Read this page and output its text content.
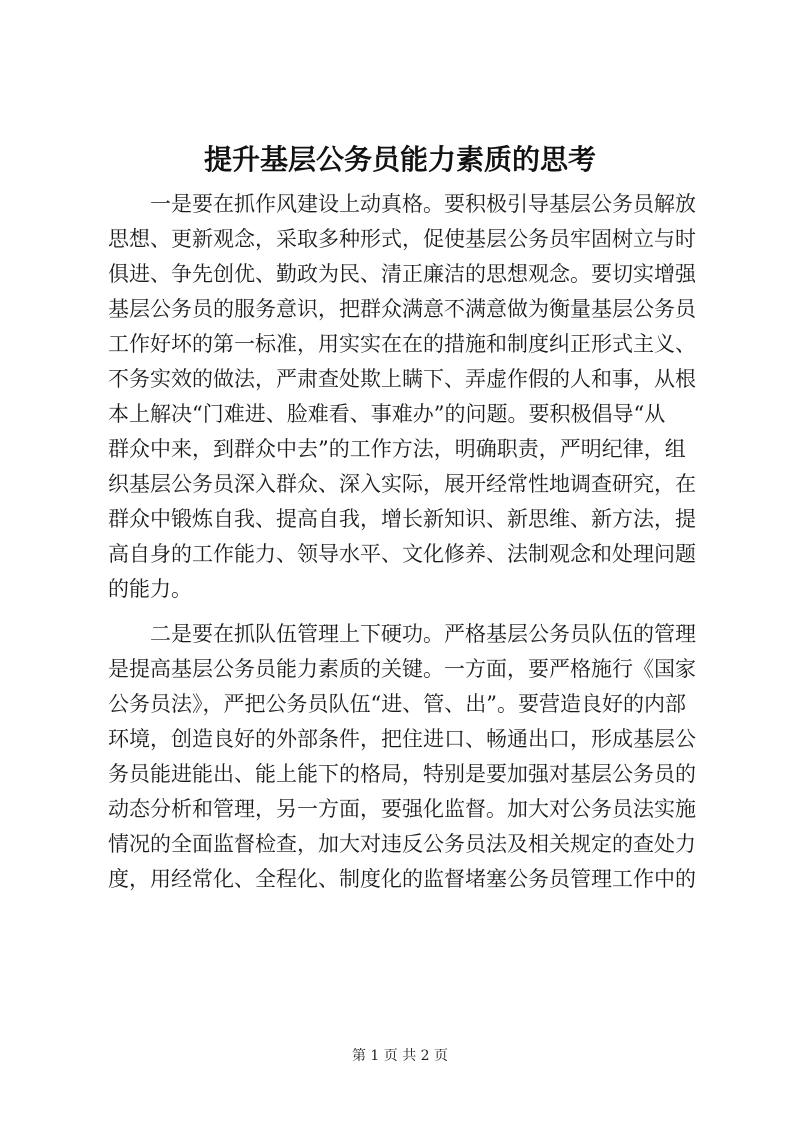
提升基层公务员能力素质的思考
一是要在抓作风建设上动真格。要积极引导基层公务员解放
思想、更新观念，采取多种形式，促使基层公务员牢固树立与时
俱进、争先创优、勤政为民、清正廉洁的思想观念。要切实增强
基层公务员的服务意识，把群众满意不满意做为衡量基层公务员
工作好坏的第一标准，用实实在在的措施和制度纠正形式主义、
不务实效的做法，严肃查处欺上瞒下、弄虚作假的人和事，从根
本上解决“门难进、脸难看、事难办”的问题。要积极倡导“从
群众中来，到群众中去”的工作方法，明确职责，严明纪律，组
织基层公务员深入群众、深入实际，展开经常性地调查研究，在
群众中锻炼自我、提高自我，增长新知识、新思维、新方法，提
高自身的工作能力、领导水平、文化修养、法制观念和处理问题
的能力。
二是要在抓队伍管理上下硬功。严格基层公务员队伍的管理
是提高基层公务员能力素质的关键。一方面，要严格施行《国家
公务员法》，严把公务员队伍“进、管、出”。要营造良好的内部
环境，创造良好的外部条件，把住进口、畅通出口，形成基层公
务员能进能出、能上能下的格局，特别是要加强对基层公务员的
动态分析和管理，另一方面，要强化监督。加大对公务员法实施
情况的全面监督检查，加大对违反公务员法及相关规定的查处力
度，用经常化、全程化、制度化的监督堵塞公务员管理工作中的
第 1 页 共 2 页
